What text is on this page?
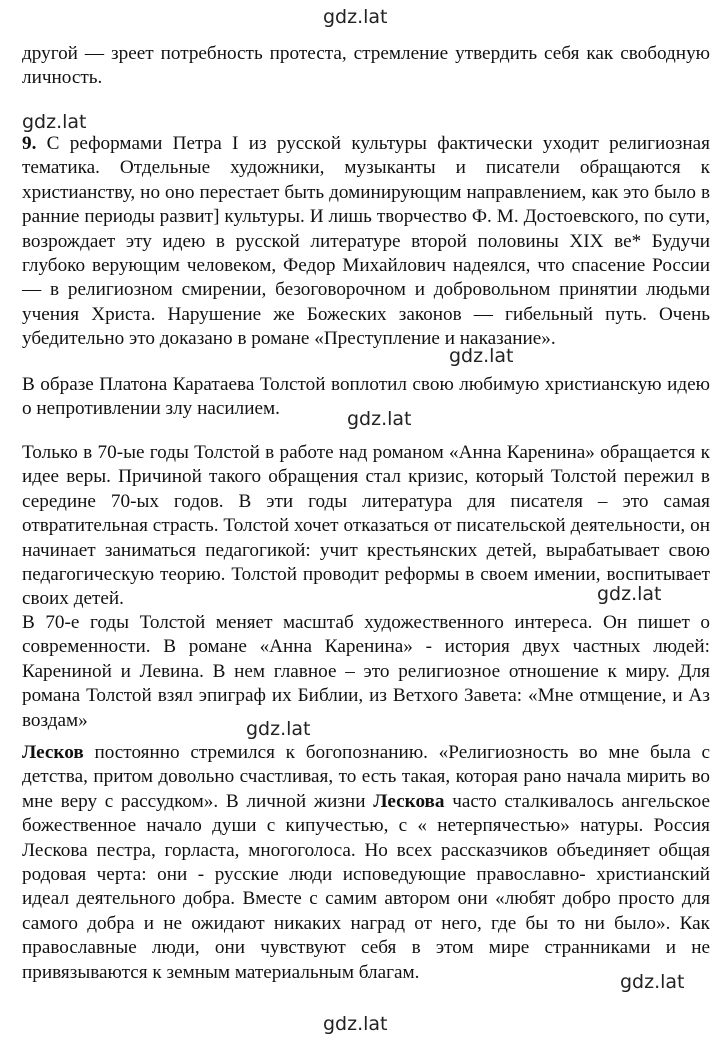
gdz.lat

другой — зреет потребность протеста, стремление утвердить себя как свободную личность.

gdz.lat

9. С реформами Петра I из русской культуры фактически уходит религиозная тематика. Отдельные художники, музыканты и писатели обращаются к христианству, но оно перестает быть доминирующим направлением, как это было в ранние периоды развит] культуры. И лишь творчество Ф. М. Достоевского, по сути, возрождает эту идею в русской литературе второй половины XIX ве* Будучи глубоко верующим человеком, Федор Михайлович надеялся, что спасение России — в религиозном смирении, безоговорочном и добровольном принятии людьми учения Христа. Нарушение же Божеских законов — гибельный путь. Очень убедительно это доказано в романе «Преступление и наказание».

gdz.lat

В образе Платона Каратаева Толстой воплотил свою любимую христианскую идею о непротивлении злу насилием.	gdz.lat

Только в 70-ые годы Толстой в работе над романом «Анна Каренина» обращается к идее веры. Причиной такого обращения стал кризис, который Толстой пережил в середине 70-ых годов. В эти годы литература для писателя – это самая отвратительная страсть. Толстой хочет отказаться от писательской деятельности, он начинает заниматься педагогикой: учит крестьянских детей, вырабатывает свою педагогическую теорию. Толстой проводит реформы в своем имении, воспитывает своих детей.	gdz.lat

В 70-е годы Толстой меняет масштаб художественного интереса. Он пишет о современности. В романе «Анна Каренина» - история двух частных людей: Карениной и Левина. В нем главное – это религиозное отношение к миру. Для романа Толстой взял эпиграф их Библии, из Ветхого Завета: «Мне отмщение, и Аз воздам»	gdz.lat

Лесков постоянно стремился к богопознанию. «Религиозность во мне была с детства, притом довольно счастливая, то есть такая, которая рано начала мирить во мне веру с рассудком». В личной жизни Лескова часто сталкивалось ангельское божественное начало души с кипучестью, с « нетерпячестью» натуры. Россия Лескова пестра, горласта, многоголоса. Но всех рассказчиков объединяет общая родовая черта: они - русские люди исповедующие православно- христианский идеал деятельного добра. Вместе с самим автором они «любят добро просто для самого добра и не ожидают никаких наград от него, где бы то ни было». Как православные люди, они чувствуют себя в этом мире странниками и не привязываются к земным материальным благам.	gdz.lat
gdz.lat
